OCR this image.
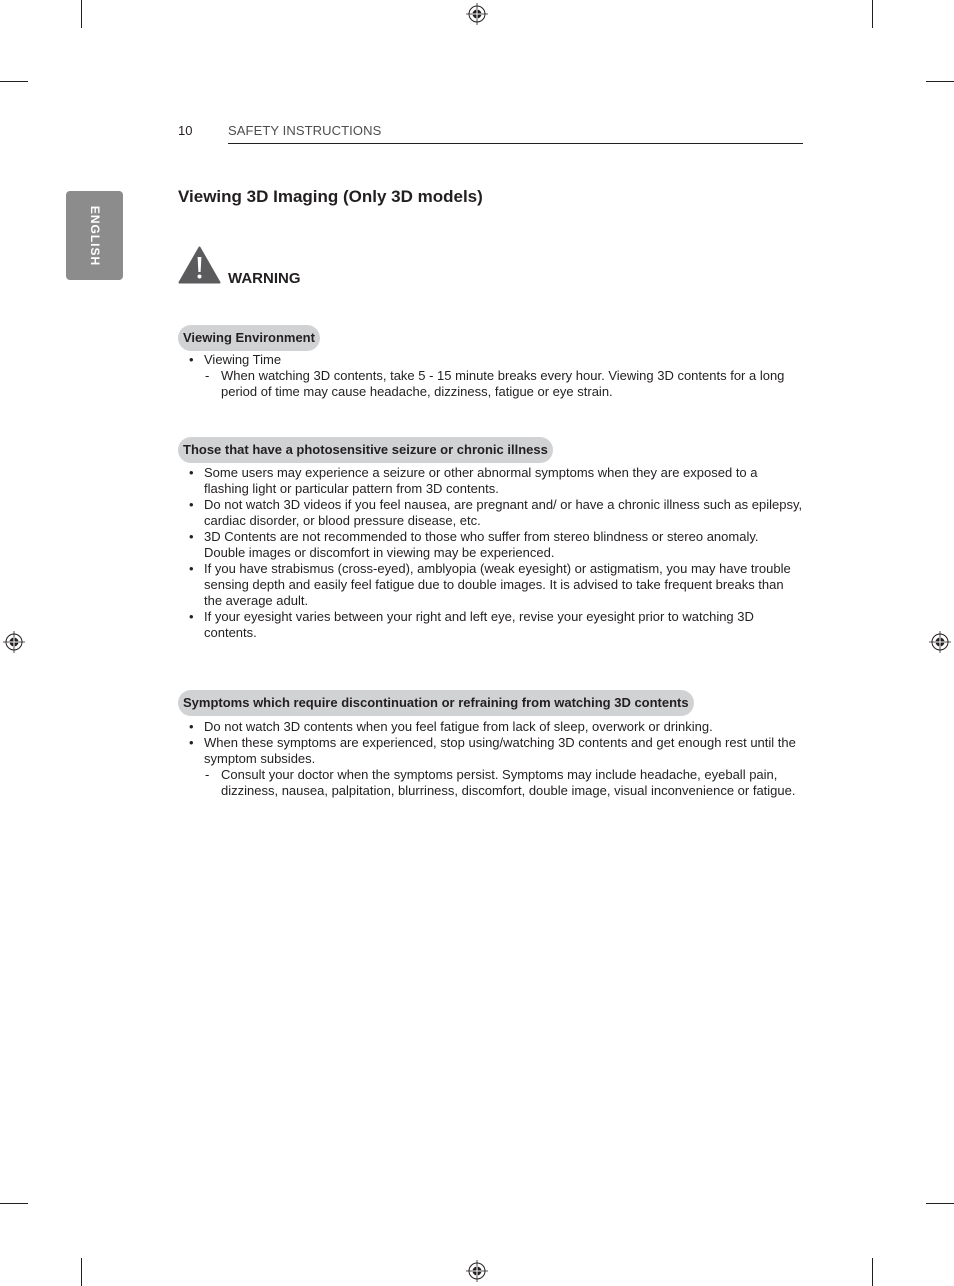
10	SAFETY INSTRUCTIONS
ENGLISH
Viewing 3D Imaging (Only 3D models)
WARNING
Viewing Environment
• Viewing Time
- When watching 3D contents, take 5 - 15 minute breaks every hour. Viewing 3D contents for a long period of time may cause headache, dizziness, fatigue or eye strain.
Those that have a photosensitive seizure or chronic illness
• Some users may experience a seizure or other abnormal symptoms when they are exposed to a flashing light or particular pattern from 3D contents.
• Do not watch 3D videos if you feel nausea, are pregnant and/ or have a chronic illness such as epilepsy, cardiac disorder, or blood pressure disease, etc.
• 3D Contents are not recommended to those who suffer from stereo blindness or stereo anomaly. Double images or discomfort in viewing may be experienced.
• If you have strabismus (cross-eyed), amblyopia (weak eyesight) or astigmatism, you may have trouble sensing depth and easily feel fatigue due to double images. It is advised to take frequent breaks than the average adult.
• If your eyesight varies between your right and left eye, revise your eyesight prior to watching 3D contents.
Symptoms which require discontinuation or refraining from watching 3D contents
• Do not watch 3D contents when you feel fatigue from lack of sleep, overwork or drinking.
• When these symptoms are experienced, stop using/watching 3D contents and get enough rest until the symptom subsides.
- Consult your doctor when the symptoms persist. Symptoms may include headache, eyeball pain, dizziness, nausea, palpitation, blurriness, discomfort, double image, visual inconvenience or fatigue.
